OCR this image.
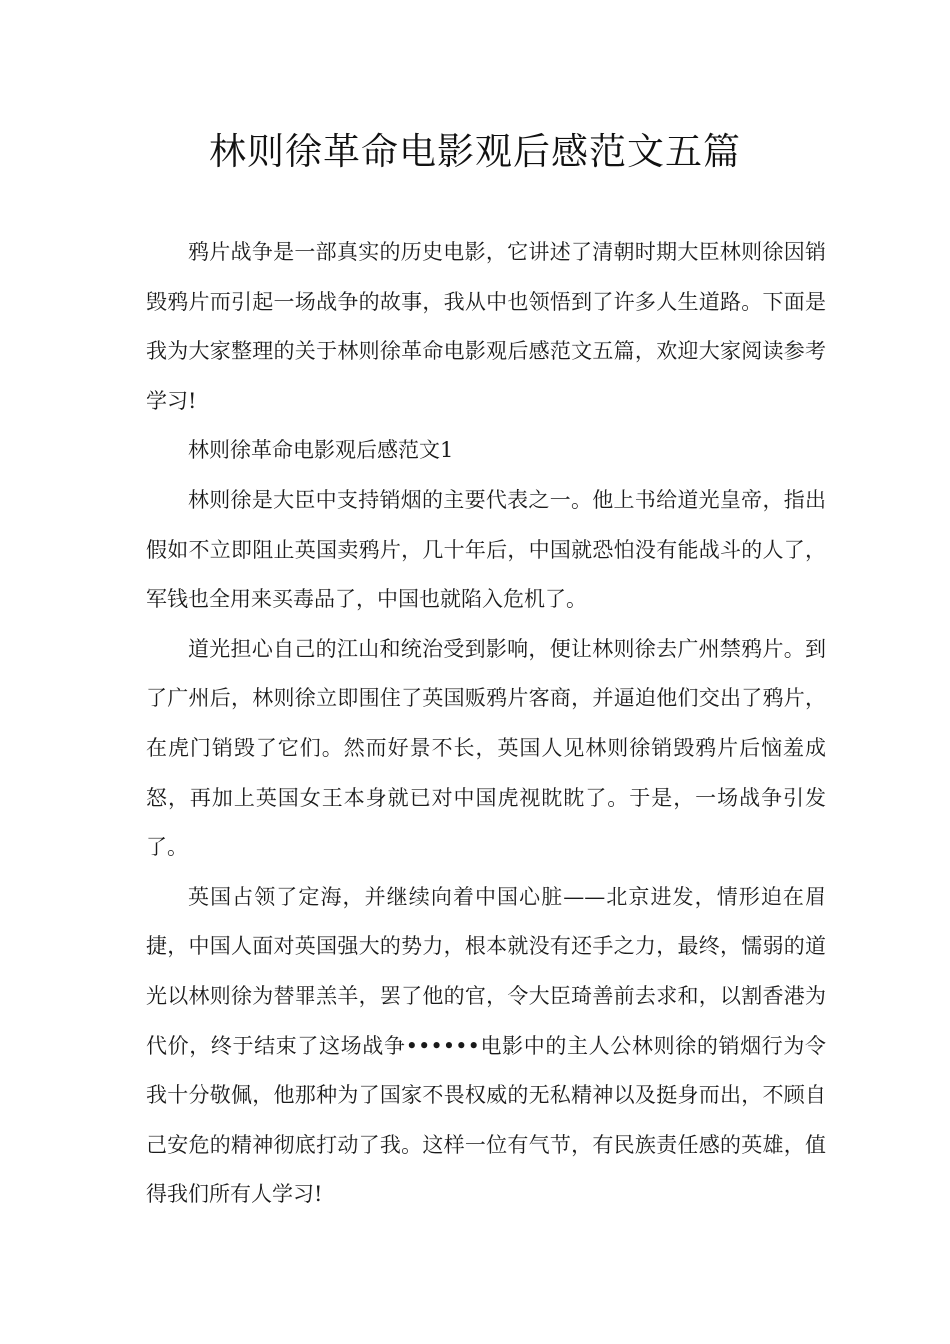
林则徐革命电影观后感范文五篇

鸦片战争是一部真实的历史电影，它讲述了清朝时期大臣林则徐因销毁鸦片而引起一场战争的故事，我从中也领悟到了许多人生道路。下面是我为大家整理的关于林则徐革命电影观后感范文五篇，欢迎大家阅读参考学习!

林则徐革命电影观后感范文1

林则徐是大臣中支持销烟的主要代表之一。他上书给道光皇帝，指出假如不立即阻止英国卖鸦片，几十年后，中国就恐怕没有能战斗的人了，军钱也全用来买毒品了，中国也就陷入危机了。

道光担心自己的江山和统治受到影响，便让林则徐去广州禁鸦片。到了广州后，林则徐立即围住了英国贩鸦片客商，并逼迫他们交出了鸦片，在虎门销毁了它们。然而好景不长，英国人见林则徐销毁鸦片后恼羞成怒，再加上英国女王本身就已对中国虎视眈眈了。于是，一场战争引发了。

英国占领了定海，并继续向着中国心脏——北京进发，情形迫在眉捷，中国人面对英国强大的势力，根本就没有还手之力，最终，懦弱的道光以林则徐为替罪羔羊，罢了他的官，令大臣琦善前去求和，以割香港为代价，终于结束了这场战争••••••电影中的主人公林则徐的销烟行为令我十分敬佩，他那种为了国家不畏权威的无私精神以及挺身而出，不顾自己安危的精神彻底打动了我。这样一位有气节，有民族责任感的英雄，值得我们所有人学习!
